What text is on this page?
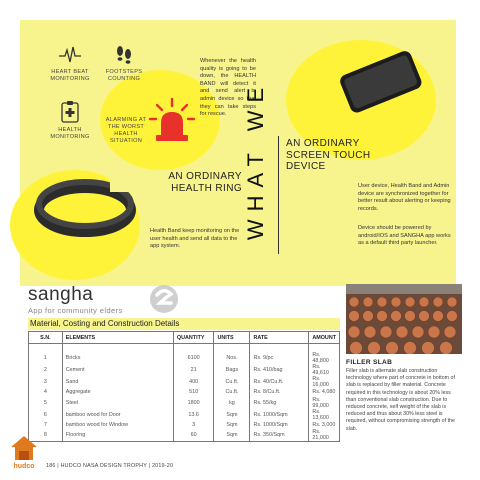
HEART BEAT MONITORING
FOOTSTEPS COUNTING
HEALTH MONITORING
ALARMING AT THE WORST HEALTH SITUATION
Whenever the health quality is going to be down, the HEALTH BAND will detect it and send alert to admin device so that they can take steps for rescue.
AN ORDINARY HEALTH RING
Health Band keep monitoring on the user health and send all data to the app system.
WHAT WE AN ORDINARY SCREEN TOUCH DEVICE
User device, Health Band and Admin device are synchronized together for better result about alerting or keeping records.
Device should be powered by android/IOS and SANGHA app works as a default third party launcher.
sangha
App for community elders
Material, Costing and Construction Details
S.N.	ELEMENTS	QUANTITY	UNITS	RATE	AMOUNT

1	Bricks	6100	Nos.	Rs. 9/pc	Rs. 48,800
2	Cement	21	Bags	Rs. 410/bag	Rs. 49,610
3	Sand	400	Cu.ft.	Rs. 40/Cu.ft.	Rs. 16,000
4	Aggregate	510	Cu.ft.	Rs. 8/Cu.ft.	Rs. 4,080
5	Steel	1800	kg	Rs. 55/kg	Rs. 99,000
6	bamboo wood for Door	13.6	Sqm	Rs. 1000/Sqm	Rs. 13,600
7	bamboo wood for Window	3	Sqm	Rs. 1000/Sqm	Rs. 3,000
8	Flooring	60	Sqm	Rs. 350/Sqm	Rs. 21,000
FILLER SLAB
Filler slab is alternate slab construction technology where part of concrete in bottom of slab is replaced by filler material. Concrete required in this technology is about 20% less than conventional slab construction. Due to reduced concrete, self weight of the slab is reduced and thus about 30% less steel is required, without compromising strength of the slab.
hudco	186 | HUDCO NASA DESIGN TROPHY | 2019-20
